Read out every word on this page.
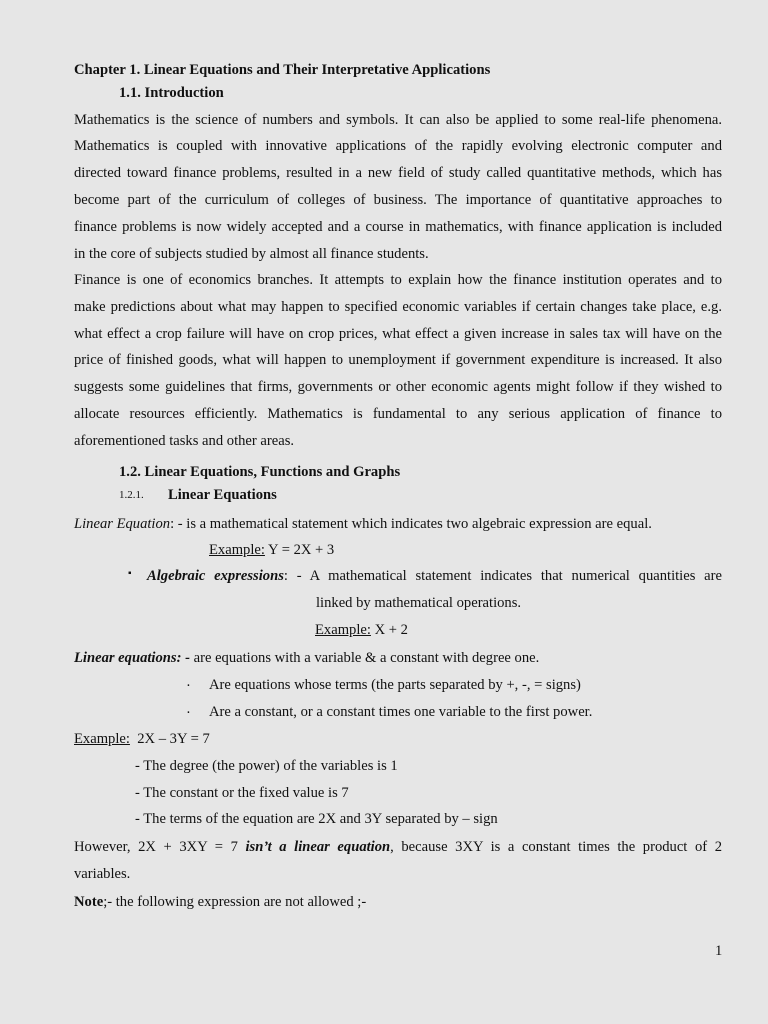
Chapter 1. Linear Equations and Their Interpretative Applications
1.1. Introduction
Mathematics is the science of numbers and symbols. It can also be applied to some real-life phenomena.
Mathematics is coupled with innovative applications of the rapidly evolving electronic computer and
directed toward finance problems, resulted in a new field of study called quantitative methods, which has
become part of the curriculum of colleges of business. The importance of quantitative approaches to
finance problems is now widely accepted and a course in mathematics, with finance application is included
in the core of subjects studied by almost all finance students.
Finance is one of economics branches. It attempts to explain how the finance institution operates and to
make predictions about what may happen to specified economic variables if certain changes take place, e.g.
what effect a crop failure will have on crop prices, what effect a given increase in sales tax will have on the
price of finished goods, what will happen to unemployment if government expenditure is increased. It also
suggests some guidelines that firms, governments or other economic agents might follow if they wished to
allocate resources efficiently. Mathematics is fundamental to any serious application of finance to
aforementioned tasks and other areas.
1.2. Linear Equations, Functions and Graphs
1.2.1. Linear Equations
Linear Equation: - is a mathematical statement which indicates two algebraic expression are equal.
Example: Y = 2X + 3
▪ Algebraic expressions: - A mathematical statement indicates that numerical quantities are
linked by mathematical operations.
Example: X + 2
Linear equations: - are equations with a variable & a constant with degree one.
· Are equations whose terms (the parts separated by +, -, = signs)
· Are a constant, or a constant times one variable to the first power.
Example: 2X – 3Y = 7
- The degree (the power) of the variables is 1
- The constant or the fixed value is 7
- The terms of the equation are 2X and 3Y separated by – sign
However, 2X + 3XY = 7 isn’t a linear equation, because 3XY is a constant times the product of 2
variables.
Note;- the following expression are not allowed ;-
1
